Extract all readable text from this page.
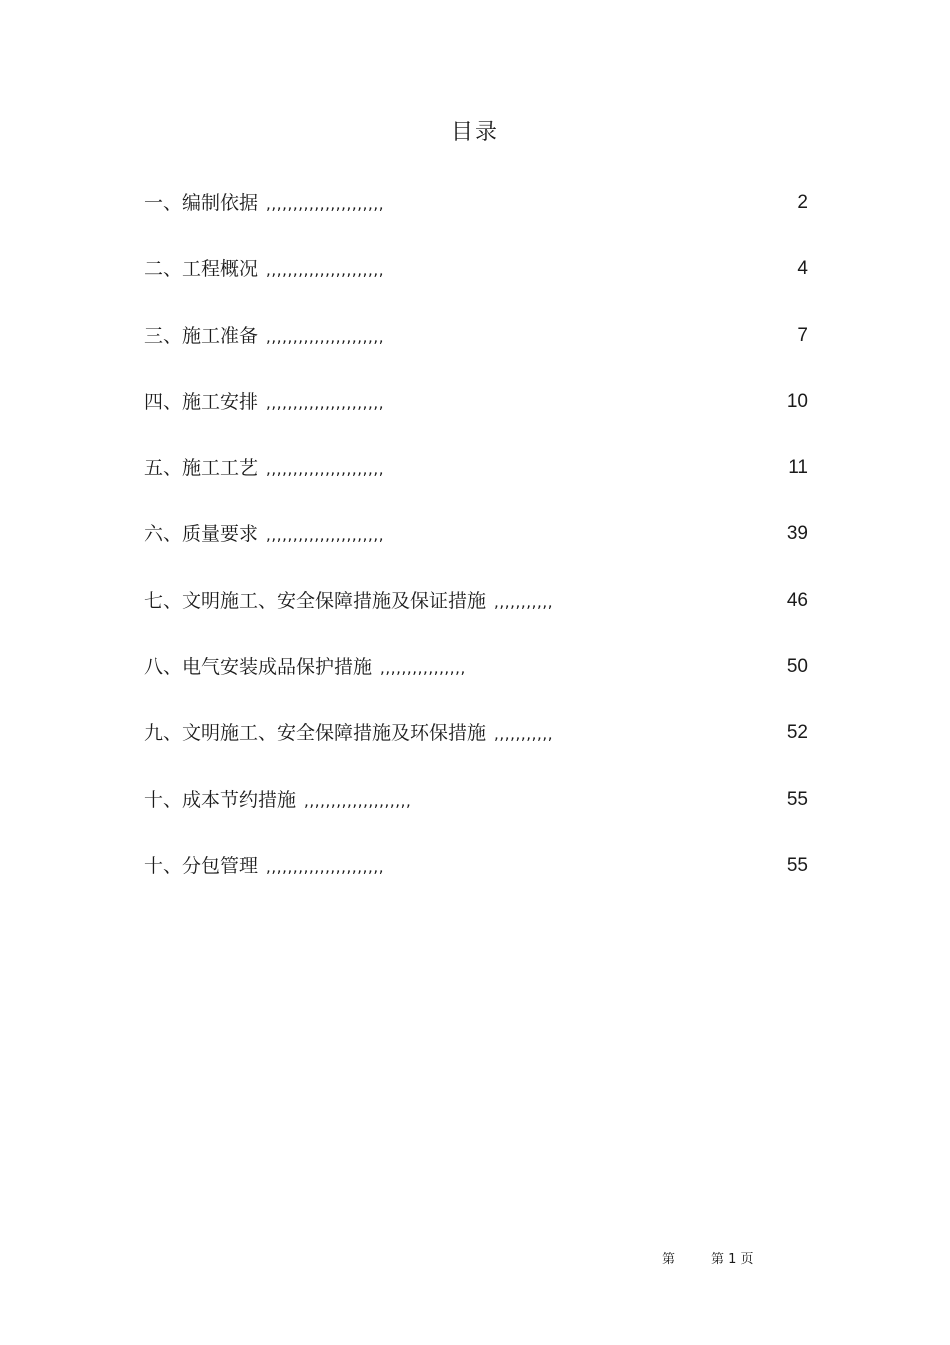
目录
一、编制依据 ,,,,,,,,,,,,,,,,,,,,,,	2
二、工程概况 ,,,,,,,,,,,,,,,,,,,,,,	4
三、施工准备 ,,,,,,,,,,,,,,,,,,,,,,	7
四、施工安排 ,,,,,,,,,,,,,,,,,,,,,,	10
五、施工工艺 ,,,,,,,,,,,,,,,,,,,,,,	11
六、质量要求 ,,,,,,,,,,,,,,,,,,,,,,	39
七、文明施工、安全保障措施及保证措施 ,,,,,,,,,,,	46
八、电气安装成品保护措施 ,,,,,,,,,,,,,,,,	50
九、文明施工、安全保障措施及环保措施 ,,,,,,,,,,,	52
十、成本节约措施 ,,,,,,,,,,,,,,,,,,,,	55
十、分包管理 ,,,,,,,,,,,,,,,,,,,,,,	55
第	第 1 页
